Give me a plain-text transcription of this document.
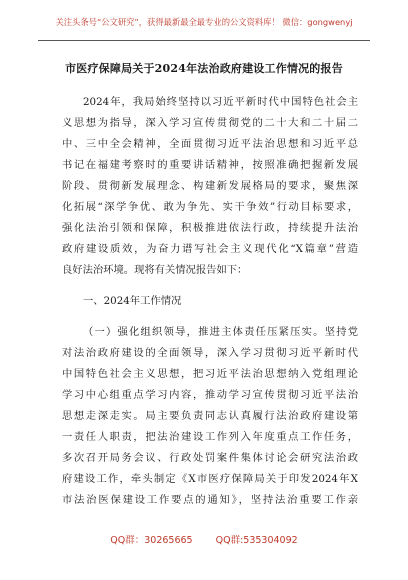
关注头条号“公文研究”，获得最新最全最专业的公文资料库！ 微信：gongwenyj
市医疗保障局关于2024年法治政府建设工作情况的报告
2024年，我局始终坚持以习近平新时代中国特色社会主
义思想为指导，深入学习宣传贯彻党的二十大和二十届二
中、三中全会精神，全面贯彻习近平法治思想和习近平总
书记在福建考察时的重要讲话精神，按照准确把握新发展
阶段、贯彻新发展理念、构建新发展格局的要求，聚焦深
化拓展“深学争优、敢为争先、实干争效”行动目标要求，
强化法治引领和保障，积极推进依法行政，持续提升法治
政府建设质效，为奋力谱写社会主义现代化“X篇章”营造
良好法治环境。现将有关情况报告如下：
一、2024年工作情况
（一）强化组织领导，推进主体责任压紧压实。坚持党
对法治政府建设的全面领导，深入学习贯彻习近平新时代
中国特色社会主义思想，把习近平法治思想纳入党组理论
学习中心组重点学习内容，推动学习宣传贯彻习近平法治
思想走深走实。局主要负责同志认真履行法治政府建设第
一责任人职责，把法治建设工作列入年度重点工作任务，
多次召开局务会议、行政处罚案件集体讨论会研究法治政
府建设工作，牵头制定《X市医疗保障局关于印发2024年X
市法治医保建设工作要点的通知》，坚持法治重要工作亲
QQ群：30265665 QQ群:535304092
